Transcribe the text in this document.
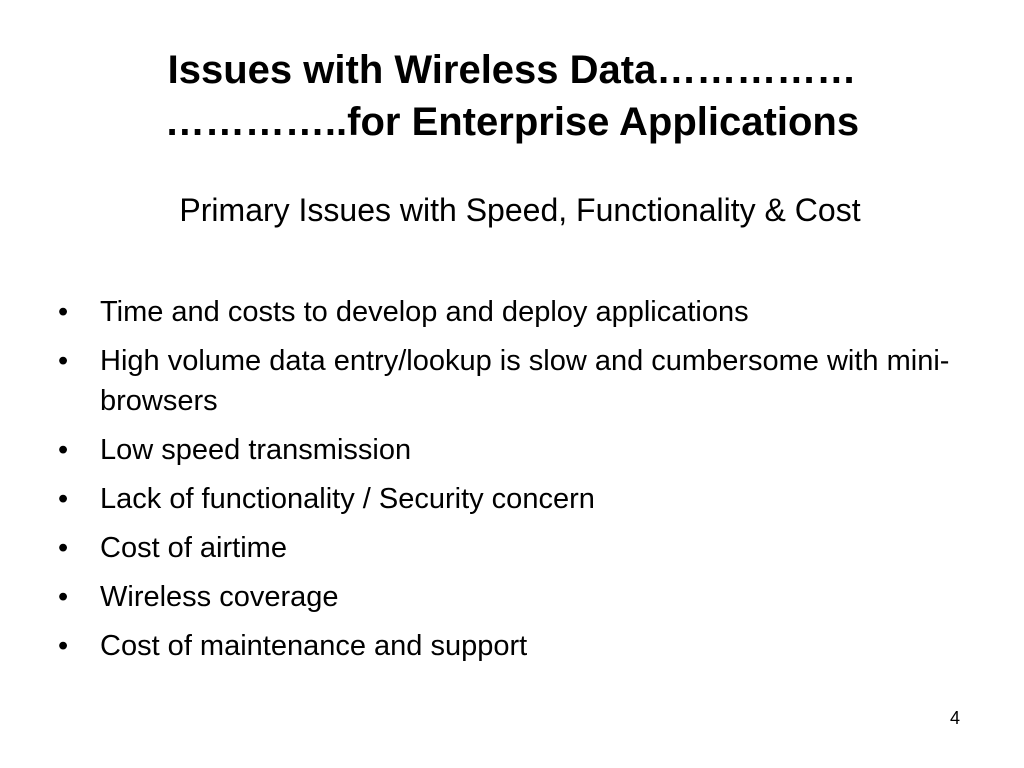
Issues with Wireless Data……………
…………..for Enterprise Applications

Primary Issues with Speed, Functionality & Cost

• Time and costs to develop and deploy applications
• High volume data entry/lookup is slow and cumbersome with mini-browsers
• Low speed transmission
• Lack of functionality / Security concern
• Cost of airtime
• Wireless coverage
• Cost of maintenance and support
4
